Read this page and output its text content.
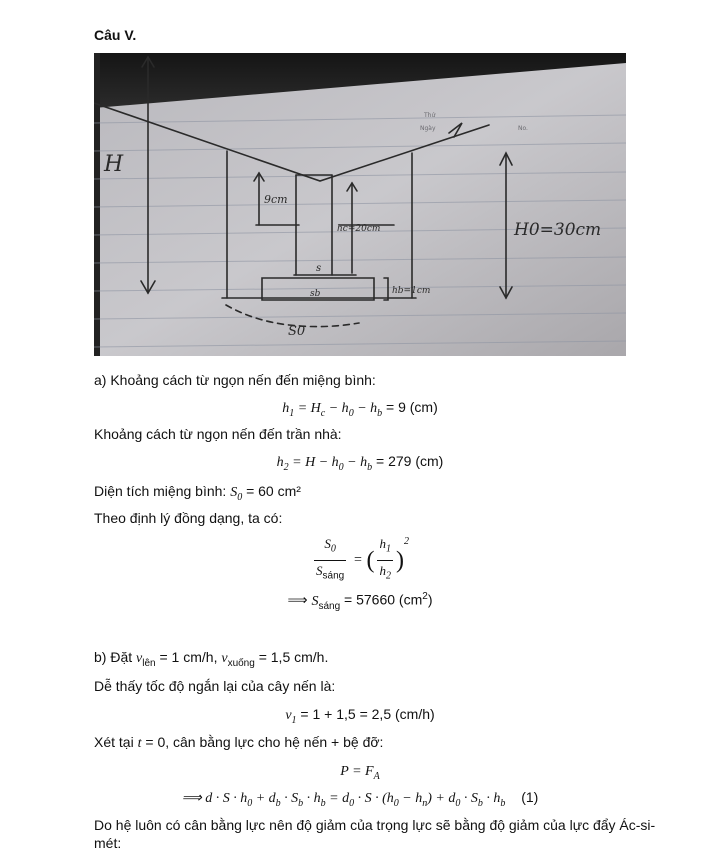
Câu V.
H
9cm
hc=20cm	H0=30cm
s
sb	hb=1cm
S0
Thứ
Ngày	No.
a) Khoảng cách từ ngọn nến đến miệng bình:
$h_1 = H_c - h_0 - h_b = 9$ (cm)
Khoảng cách từ ngọn nến đến trần nhà:
$h_2 = H - h_0 - h_b = 279$ (cm)
Diện tích miệng bình: $S_0 = 60$ cm²
Theo định lý đồng dạng, ta có:
$\frac{S_0}{S_{sáng}}$ = ( $\frac{h_1}{h_2} )^2$
⟹ $S_{sáng} = 57660$ $(cm^2)$
b) Đặt $v_{lên} = 1$ cm/h, $v_{xuống} = 1,5$ cm/h.
Dễ thấy tốc độ ngắn lại của cây nến là:
$v_1 = 1 + 1,5 = 2,5$ (cm/h)
Xét tại t = 0, cân bằng lực cho hệ nến + bệ đỡ:
$P = F_A$
⟹ $d \cdot S \cdot h_0 + d_b \cdot S_b \cdot h_b = d_0 \cdot S \cdot (h_0 - h_n) + d_0 \cdot S_b \cdot h_b$ (1)
Do hệ luôn có cân bằng lực nên độ giảm của trọng lực sẽ bằng độ giảm của lực đẩy Ác-si-
mét:
